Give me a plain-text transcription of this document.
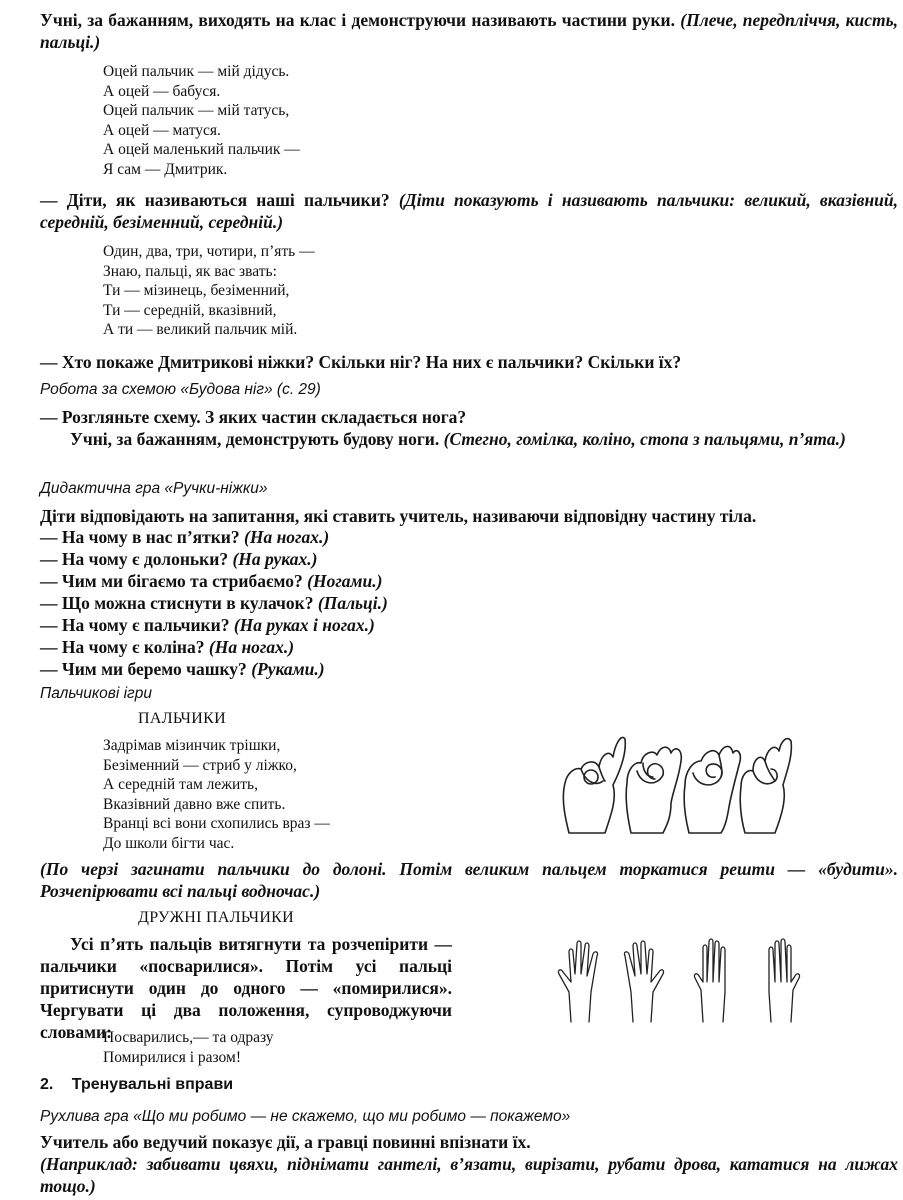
Учні, за бажанням, виходять на клас і демонструючи називають частини руки. (Плече, передпліччя, кисть, пальці.)
Оцей пальчик — мій дідусь.
А оцей — бабуся.
Оцей пальчик — мій татусь,
А оцей — матуся.
А оцей маленький пальчик —
Я сам — Дмитрик.
— Діти, як називаються наші пальчики? (Діти показують і називають пальчики: великий, вказівний, середній, безіменний, середній.)
Один, два, три, чотири, п’ять —
Знаю, пальці, як вас звать:
Ти — мізинець, безіменний,
Ти — середній, вказівний,
А ти — великий пальчик мій.
— Хто покаже Дмитрикові ніжки? Скільки ніг? На них є пальчики? Скільки їх?
Робота за схемою «Будова ніг» (с. 29)
— Розгляньте схему. З яких частин складається нога?
Учні, за бажанням, демонструють будову ноги. (Стегно, гомілка, коліно, стопа з пальцями, п’ята.)
Дидактична гра «Ручки-ніжки»
Діти відповідають на запитання, які ставить учитель, називаючи відповідну частину тіла.
— На чому в нас п’ятки? (На ногах.)
— На чому є долоньки? (На руках.)
— Чим ми бігаємо та стрибаємо? (Ногами.)
— Що можна стиснути в кулачок? (Пальці.)
— На чому є пальчики? (На руках і ногах.)
— На чому є коліна? (На ногах.)
— Чим ми беремо чашку? (Руками.)
Пальчикові ігри
ПАЛЬЧИКИ
Задрімав мізинчик трішки,
Безіменний — стриб у ліжко,
А середній там лежить,
Вказівний давно вже спить.
Вранці всі вони схопились враз —
До школи бігти час.
(По черзі загинати пальчики до долоні. Потім великим пальцем торкатися решти — «будити». Розчепірювати всі пальці водночас.)
ДРУЖНІ ПАЛЬЧИКИ
Усі п’ять пальців витягнути та розчепірити — пальчики «посварилися». Потім усі пальці притиснути один до одного — «помирилися». Чергувати ці два положення, супроводжуючи словами:
Посварились,— та одразу
Помирилися і разом!
2. Тренувальні вправи
Рухлива гра «Що ми робимо — не скажемо, що ми робимо — покажемо»
Учитель або ведучий показує дії, а гравці повинні впізнати їх.
(Наприклад: забивати цвяхи, піднімати гантелі, в’язати, вирізати, рубати дрова, кататися на лижах тощо.)
